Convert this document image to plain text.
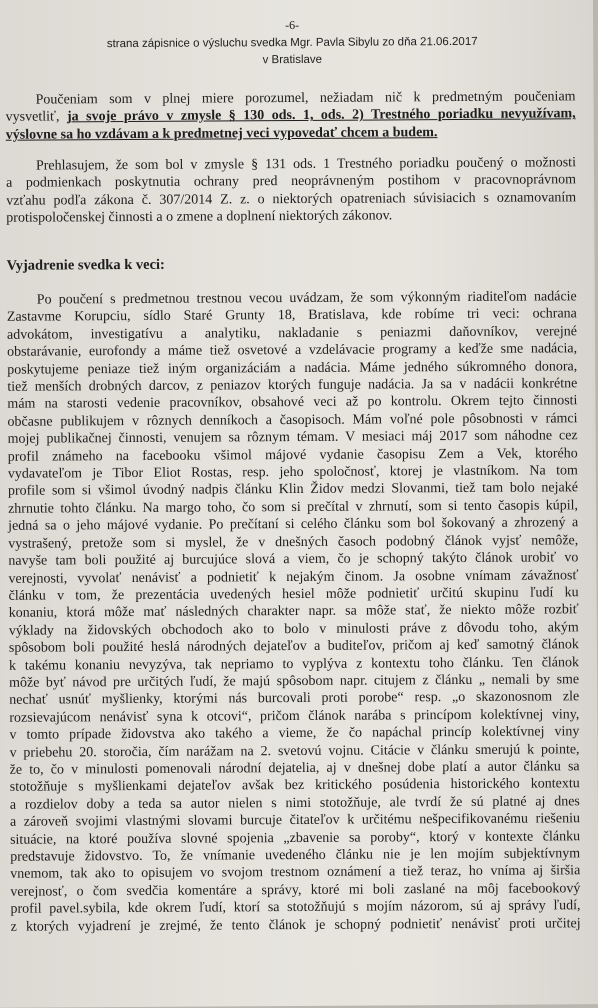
-6-
strana zápisnice o výsluchu svedka Mgr. Pavla Sibylu zo dňa 21.06.2017
v Bratislave
Poučeniam som v plnej miere porozumel, nežiadam nič k predmetným poučeniam
vysvetliť, ja svoje právo v zmysle § 130 ods. 1, ods. 2) Trestného poriadku nevyužívam,
výslovne sa ho vzdávam a k predmetnej veci vypovedať chcem a budem.
Prehlasujem, že som bol v zmysle § 131 ods. 1 Trestného poriadku poučený o možnosti
a podmienkach poskytnutia ochrany pred neoprávneným postihom v pracovnoprávnom
vzťahu podľa zákona č. 307/2014 Z. z. o niektorých opatreniach súvisiacich s oznamovaním
protispoločenskej činnosti a o zmene a doplnení niektorých zákonov.
Vyjadrenie svedka k veci:
Po poučení s predmetnou trestnou vecou uvádzam, že som výkonným riaditeľom nadácie
Zastavme Korupciu, sídlo Staré Grunty 18, Bratislava, kde robíme tri veci: ochrana
advokátom, investigatívu a analytiku, nakladanie s peniazmi daňovníkov, verejné
obstarávanie, eurofondy a máme tiež osvetové a vzdelávacie programy a keďže sme nadácia,
poskytujeme peniaze tiež iným organizáciám a nadácia. Máme jedného súkromného donora,
tiež menších drobných darcov, z peniazov ktorých funguje nadácia. Ja sa v nadácii konkrétne
mám na starosti vedenie pracovníkov, obsahové veci až po kontrolu. Okrem tejto činnosti
občasne publikujem v rôznych denníkoch a časopisoch. Mám voľné pole pôsobnosti v rámci
mojej publikačnej činnosti, venujem sa rôznym témam. V mesiaci máj 2017 som náhodne cez
profil známeho na facebooku všimol májové vydanie časopisu Zem a Vek, ktorého
vydavateľom je Tibor Eliot Rostas, resp. jeho spoločnosť, ktorej je vlastníkom. Na tom
profile som si všimol úvodný nadpis článku Klin Židov medzi Slovanmi, tiež tam bolo nejaké
zhrnutie tohto článku. Na margo toho, čo som si prečítal v zhrnutí, som si tento časopis kúpil,
jedná sa o jeho májové vydanie. Po prečítaní si celého článku som bol šokovaný a zhrozený a
vystrašený, pretože som si myslel, že v dnešných časoch podobný článok vyjsť nemôže,
navyše tam boli použité aj burcujúce slová a viem, čo je schopný takýto článok urobiť vo
verejnosti, vyvolať nenávisť a podnietiť k nejakým činom. Ja osobne vnímam závažnosť
článku v tom, že prezentácia uvedených hesiel môže podnietiť určitú skupinu ľudí ku
konaniu, ktorá môže mať následných charakter napr. sa môže stať, že niekto môže rozbiť
výklady na židovských obchodoch ako to bolo v minulosti práve z dôvodu toho, akým
spôsobom boli použité heslá národných dejateľov a buditeľov, pričom aj keď samotný článok
k takému konaniu nevyzýva, tak nepriamo to vyplýva z kontextu toho článku. Ten článok
môže byť návod pre určitých ľudí, že majú spôsobom napr. citujem z článku „ nemali by sme
nechať usnúť myšlienky, ktorými nás burcovali proti porobe“ resp. „o skazonosnom zle
rozsievajúcom nenávisť syna k otcovi“, pričom článok narába s princípom kolektívnej viny,
v tomto prípade židovstva ako takého a vieme, že čo napáchal princíp kolektívnej viny
v priebehu 20. storočia, čím narážam na 2. svetovú vojnu. Citácie v článku smerujú k pointe,
že to, čo v minulosti pomenovali národní dejatelia, aj v dnešnej dobe platí a autor článku sa
stotožňuje s myšlienkami dejateľov avšak bez kritického posúdenia historického kontextu
a rozdielov doby a teda sa autor nielen s nimi stotožňuje, ale tvrdí že sú platné aj dnes
a zároveň svojimi vlastnými slovami burcuje čitateľov k určitému nešpecifikovanému riešeniu
situácie, na ktoré používa slovné spojenia „zbavenie sa poroby“, ktorý v kontexte článku
predstavuje židovstvo. To, že vnímanie uvedeného článku nie je len mojím subjektívnym
vnemom, tak ako to opisujem vo svojom trestnom oznámení a tiež teraz, ho vníma aj širšia
verejnosť, o čom svedčia komentáre a správy, ktoré mi boli zaslané na môj facebookový
profil pavel.sybila, kde okrem ľudí, ktorí sa stotožňujú s mojím názorom, sú aj správy ľudí,
z ktorých vyjadrení je zrejmé, že tento článok je schopný podnietiť nenávisť proti určitej
